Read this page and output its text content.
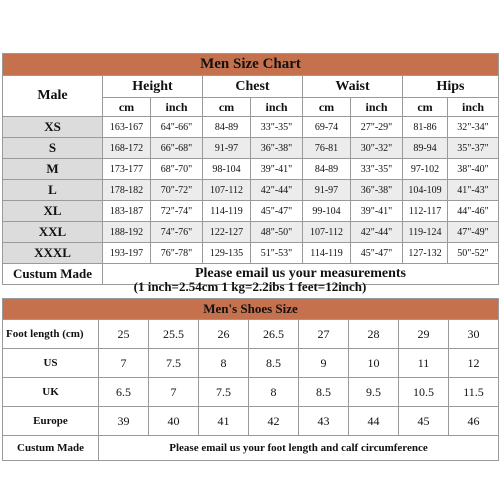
Men Size Chart								
Male	Height		Chest		Waist		Hips	
	cm	inch	cm	inch	cm	inch	cm	inch
XS	163-167	64"-66"	84-89	33"-35"	69-74	27"-29"	81-86	32"-34"
S	168-172	66"-68"	91-97	36"-38"	76-81	30"-32"	89-94	35"-37"
M	173-177	68"-70"	98-104	39"-41"	84-89	33"-35"	97-102	38"-40"
L	178-182	70"-72"	107-112	42"-44"	91-97	36"-38"	104-109	41"-43"
XL	183-187	72"-74"	114-119	45"-47"	99-104	39"-41"	112-117	44"-46"
XXL	188-192	74"-76"	122-127	48"-50"	107-112	42"-44"	119-124	47"-49"
XXXL	193-197	76"-78"	129-135	51"-53"	114-119	45"-47"	127-132	50"-52"
Custum Made	Please email us your measurements							
(1 inch=2.54cm 1 kg=2.2ibs 1 feet=12inch)
Men's Shoes Size								
Foot length (cm)	25	25.5	26	26.5	27	28	29	30
US	7	7.5	8	8.5	9	10	11	12
UK	6.5	7	7.5	8	8.5	9.5	10.5	11.5
Europe	39	40	41	42	43	44	45	46
Custum Made	Please email us your foot length and calf circumference							
